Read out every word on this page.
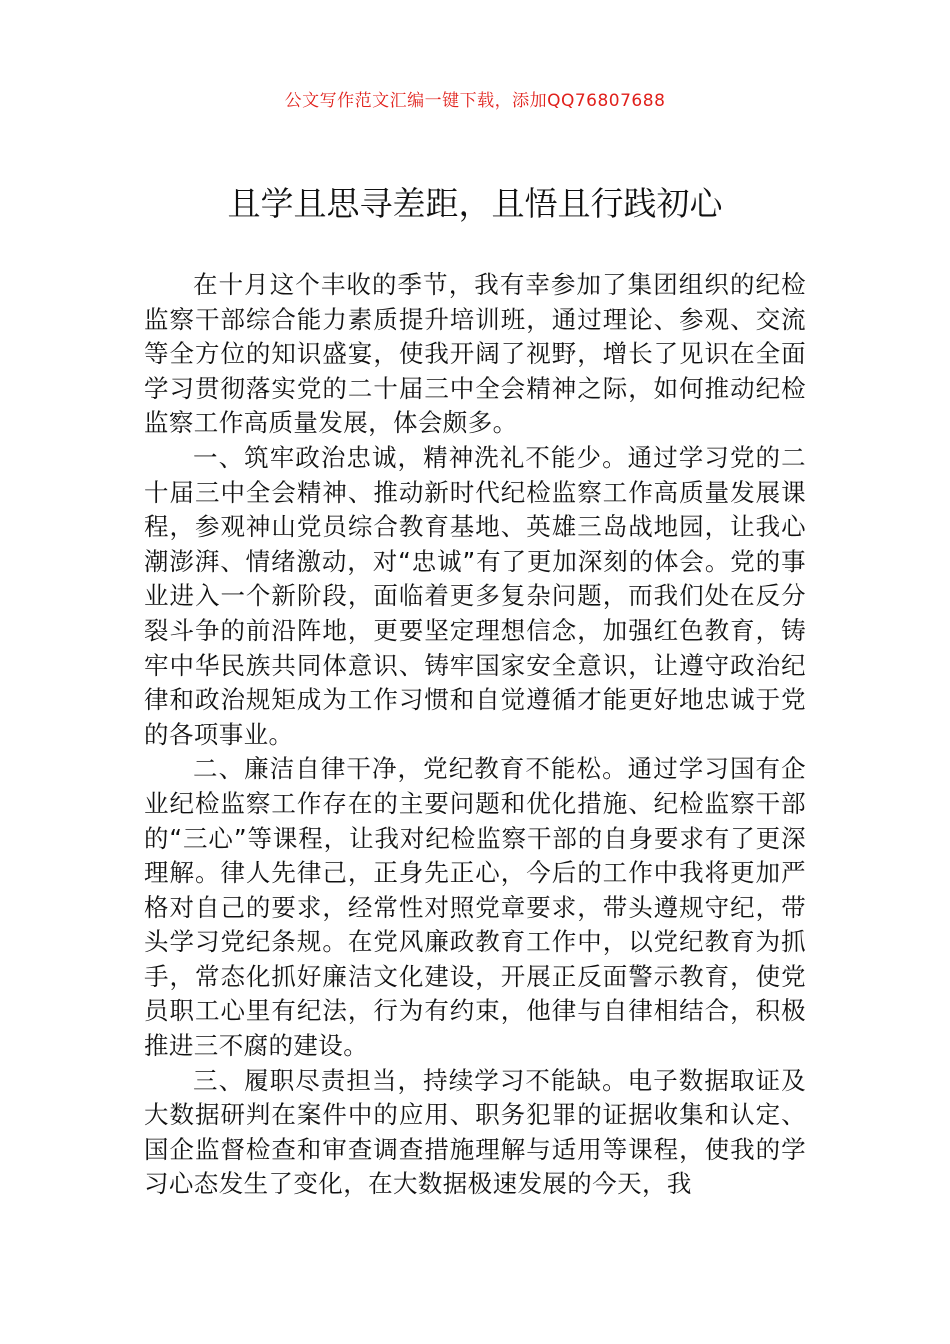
公文写作范文汇编一键下载，添加QQ76807688
且学且思寻差距，且悟且行践初心

在十月这个丰收的季节，我有幸参加了集团组织的纪检监察干部综合能力素质提升培训班，通过理论、参观、交流等全方位的知识盛宴，使我开阔了视野，增长了见识在全面学习贯彻落实党的二十届三中全会精神之际，如何推动纪检监察工作高质量发展，体会颇多。

一、筑牢政治忠诚，精神洗礼不能少。通过学习党的二十届三中全会精神、推动新时代纪检监察工作高质量发展课程，参观神山党员综合教育基地、英雄三岛战地园，让我心潮澎湃、情绪激动，对“忠诚”有了更加深刻的体会。党的事业进入一个新阶段，面临着更多复杂问题，而我们处在反分裂斗争的前沿阵地，更要坚定理想信念，加强红色教育，铸牢中华民族共同体意识、铸牢国家安全意识，让遵守政治纪律和政治规矩成为工作习惯和自觉遵循才能更好地忠诚于党的各项事业。

二、廉洁自律干净，党纪教育不能松。通过学习国有企业纪检监察工作存在的主要问题和优化措施、纪检监察干部的“三心”等课程，让我对纪检监察干部的自身要求有了更深理解。律人先律己，正身先正心，今后的工作中我将更加严格对自己的要求，经常性对照党章要求，带头遵规守纪，带头学习党纪条规。在党风廉政教育工作中，以党纪教育为抓手，常态化抓好廉洁文化建设，开展正反面警示教育，使党员职工心里有纪法，行为有约束，他律与自律相结合，积极推进三不腐的建设。

三、履职尽责担当，持续学习不能缺。电子数据取证及大数据研判在案件中的应用、职务犯罪的证据收集和认定、国企监督检查和审查调查措施理解与适用等课程，使我的学习心态发生了变化，在大数据极速发展的今天，我
